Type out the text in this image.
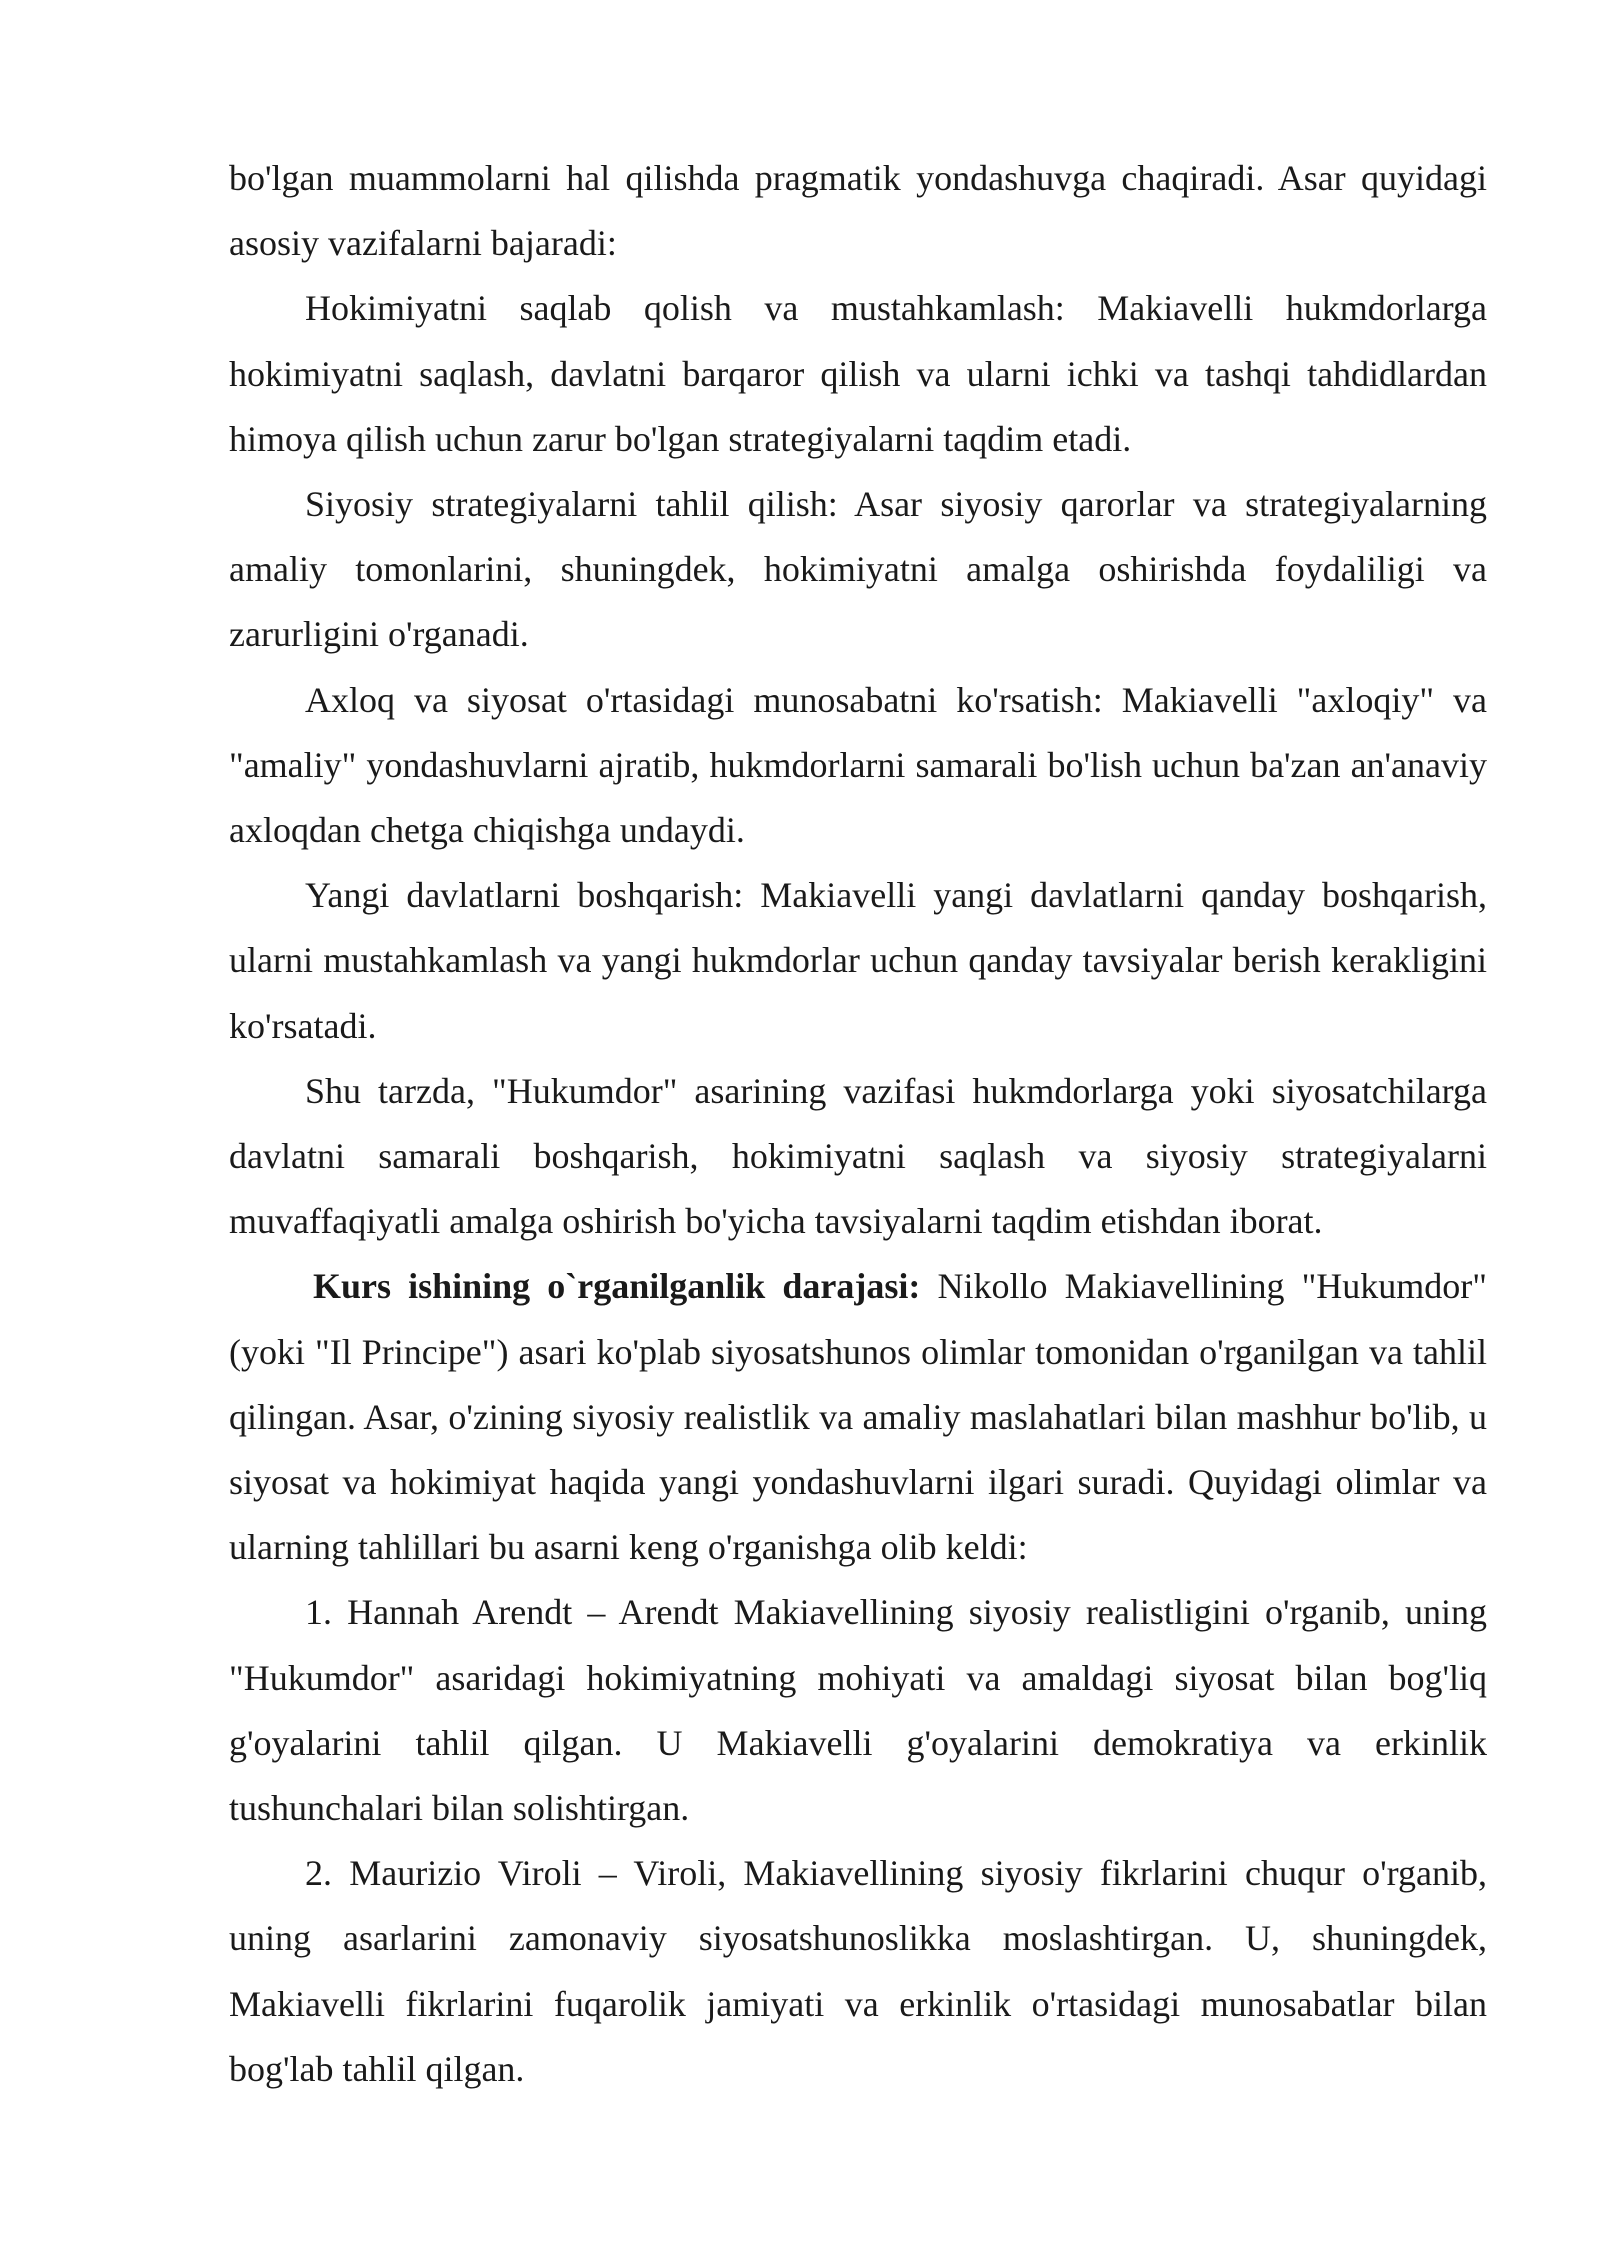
bo'lgan muammolarni hal qilishda pragmatik yondashuvga chaqiradi. Asar quyidagi asosiy vazifalarni bajaradi:

Hokimiyatni saqlab qolish va mustahkamlash: Makiavelli hukmdorlarga hokimiyatni saqlash, davlatni barqaror qilish va ularni ichki va tashqi tahdidlardan himoya qilish uchun zarur bo'lgan strategiyalarni taqdim etadi.

Siyosiy strategiyalarni tahlil qilish: Asar siyosiy qarorlar va strategiyalarning amaliy tomonlarini, shuningdek, hokimiyatni amalga oshirishda foydaliligi va zarurligini o'rganadi.

Axloq va siyosat o'rtasidagi munosabatni ko'rsatish: Makiavelli "axloqiy" va "amaliy" yondashuvlarni ajratib, hukmdorlarni samarali bo'lish uchun ba'zan an'anaviy axloqdan chetga chiqishga undaydi.

Yangi davlatlarni boshqarish: Makiavelli yangi davlatlarni qanday boshqarish, ularni mustahkamlash va yangi hukmdorlar uchun qanday tavsiyalar berish kerakligini ko'rsatadi.

Shu tarzda, "Hukumdor" asarining vazifasi hukmdorlarga yoki siyosatchilarga davlatni samarali boshqarish, hokimiyatni saqlash va siyosiy strategiyalarni muvaffaqiyatli amalga oshirish bo'yicha tavsiyalarni taqdim etishdan iborat.

Kurs ishining o`rganilganlik darajasi: Nikollo Makiavellining "Hukumdor" (yoki "Il Principe") asari ko'plab siyosatshunos olimlar tomonidan o'rganilgan va tahlil qilingan. Asar, o'zining siyosiy realistlik va amaliy maslahatlari bilan mashhur bo'lib, u siyosat va hokimiyat haqida yangi yondashuvlarni ilgari suradi. Quyidagi olimlar va ularning tahlillari bu asarni keng o'rganishga olib keldi:

1. Hannah Arendt – Arendt Makiavellining siyosiy realistligini o'rganib, uning "Hukumdor" asaridagi hokimiyatning mohiyati va amaldagi siyosat bilan bog'liq g'oyalarini tahlil qilgan. U Makiavelli g'oyalarini demokratiya va erkinlik tushunchalari bilan solishtirgan.

2. Maurizio Viroli – Viroli, Makiavellining siyosiy fikrlarini chuqur o'rganib, uning asarlarini zamonaviy siyosatshunoslikka moslashtirgan. U, shuningdek, Makiavelli fikrlarini fuqarolik jamiyati va erkinlik o'rtasidagi munosabatlar bilan bog'lab tahlil qilgan.
